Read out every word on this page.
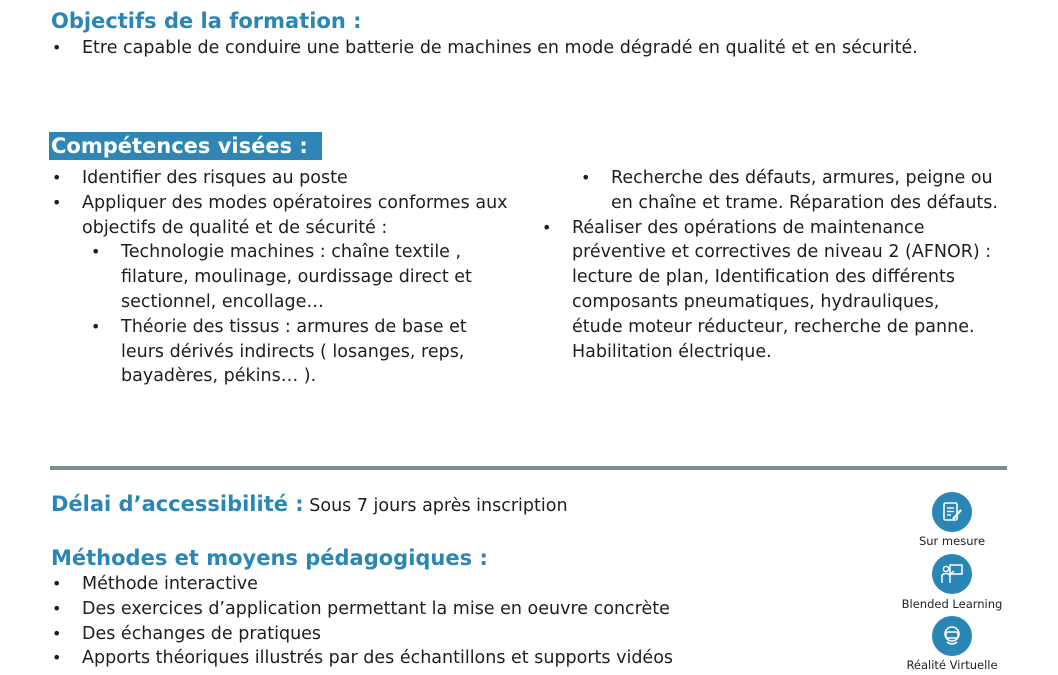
Objectifs de la formation :
• Etre capable de conduire une batterie de machines en mode dégradé en qualité et en sécurité.
Compétences visées :
• Identifier des risques au poste
• Appliquer des modes opératoires conformes aux objectifs de qualité et de sécurité :
• Technologie machines : chaîne textile , filature, moulinage, ourdissage direct et sectionnel, encollage…
• Théorie des tissus : armures de base et leurs dérivés indirects ( losanges, reps, bayadères, pékins… ).
• Recherche des défauts, armures, peigne ou en chaîne et trame. Réparation des défauts.
• Réaliser des opérations de maintenance préventive et correctives de niveau 2 (AFNOR) : lecture de plan, Identification des différents composants pneumatiques, hydrauliques, étude moteur réducteur, recherche de panne. Habilitation électrique.
Délai d’accessibilité : Sous 7 jours après inscription
Méthodes et moyens pédagogiques :
• Méthode interactive
• Des exercices d’application permettant la mise en oeuvre concrète
• Des échanges de pratiques
• Apports théoriques illustrés par des échantillons et supports vidéos
Sur mesure
Blended Learning
Réalité Virtuelle
